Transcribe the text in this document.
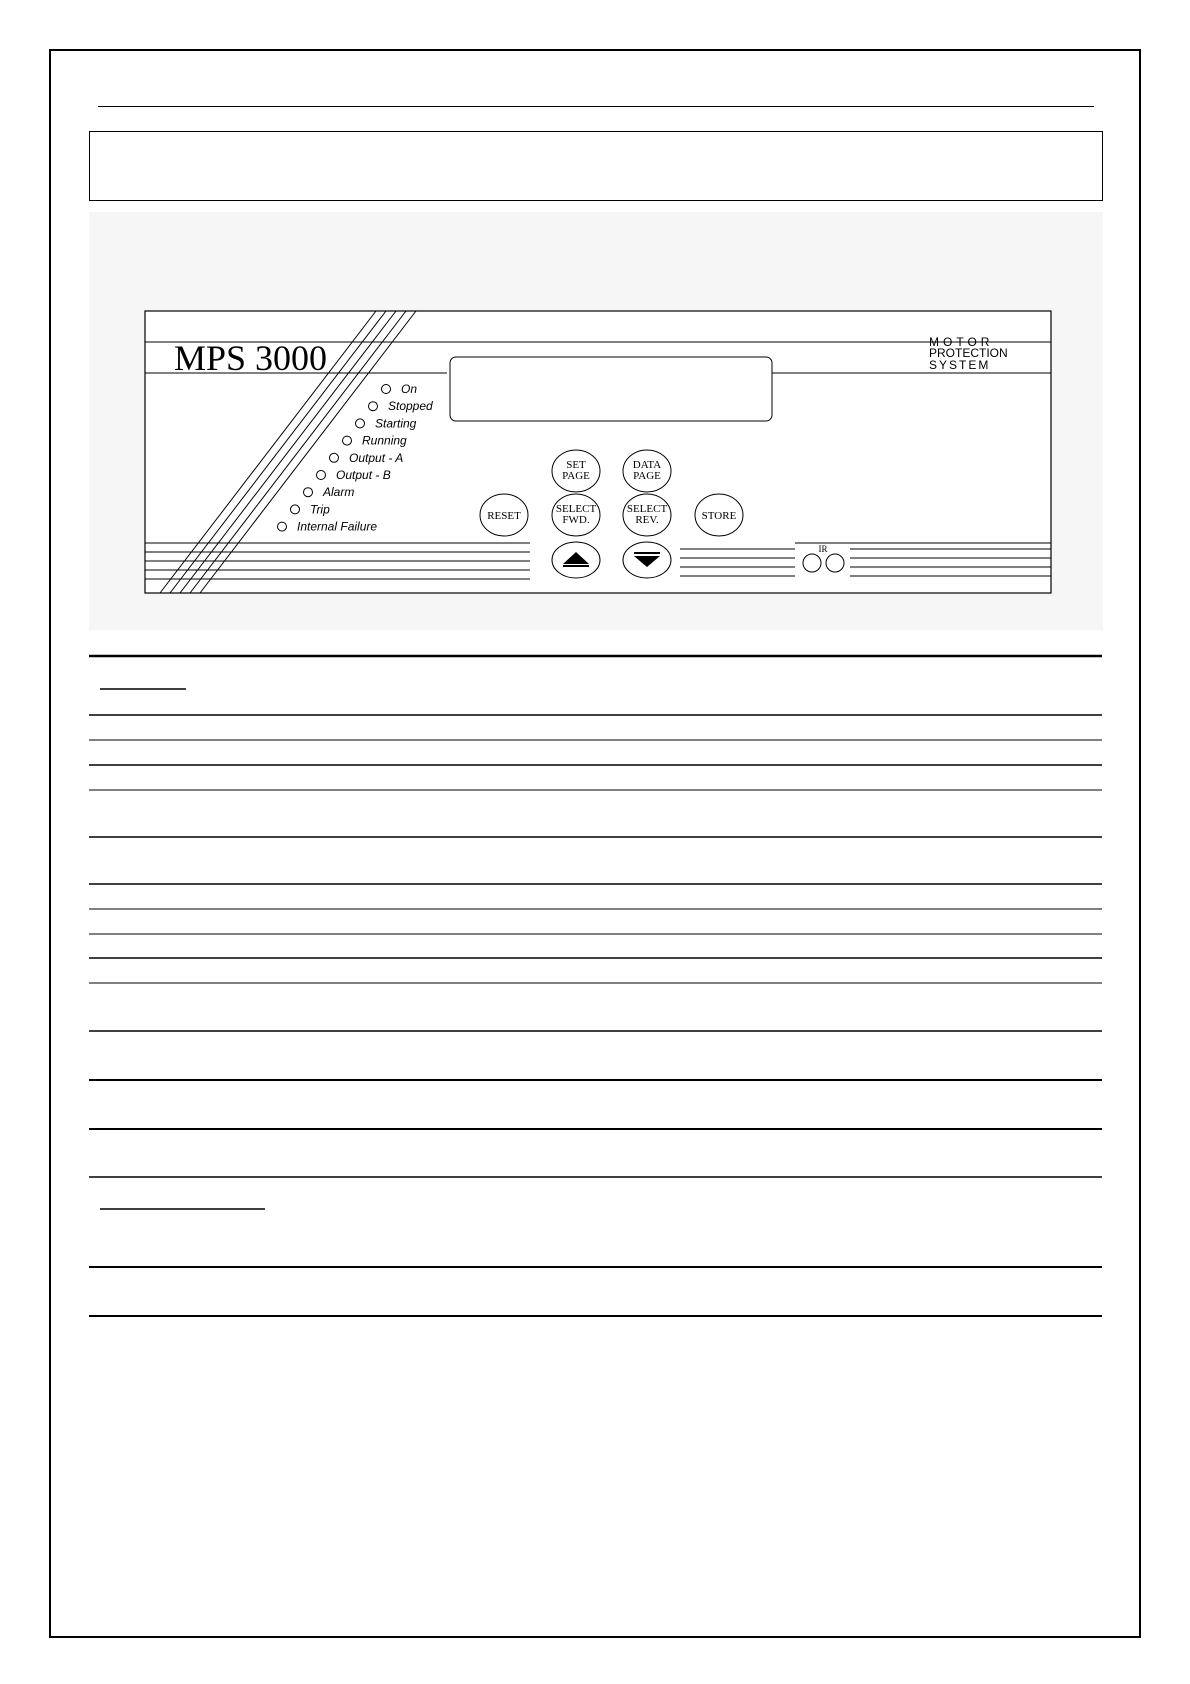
MPS 3000	MOTOR
PROTECTION
SYSTEM
On
Stopped
Starting
Running
Output - A
Output - B
Alarm
Trip
Internal Failure
SET
PAGE
DATA
PAGE
RESET
SELECT
FWD.
SELECT
REV.	STORE
IR
